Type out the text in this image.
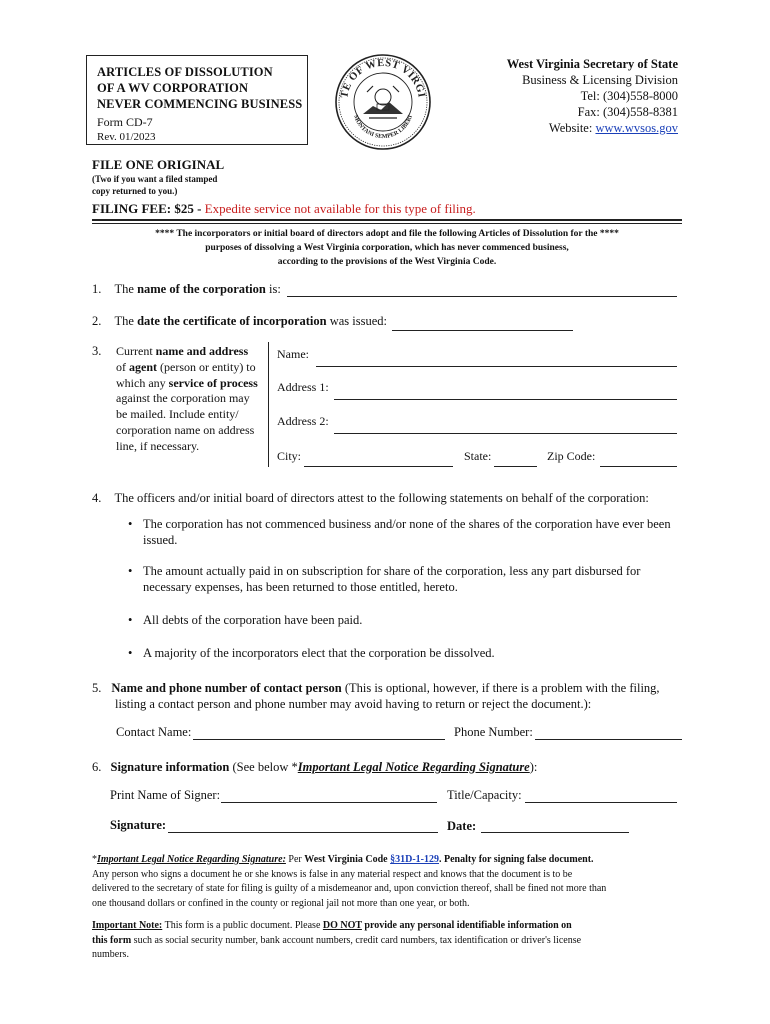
ARTICLES OF DISSOLUTION
OF A WV CORPORATION
NEVER COMMENCING BUSINESS
Form CD-7
Rev. 01/2023
TE OF WEST VIRGI
MONTANI SEMPER LIBERI
West Virginia Secretary of State
Business & Licensing Division
Tel: (304)558-8000
Fax: (304)558-8381
Website: www.wvsos.gov
FILE ONE ORIGINAL
(Two if you want a filed stamped
copy returned to you.)
FILING FEE: $25 - Expedite service not available for this type of filing.
**** The incorporators or initial board of directors adopt and file the following Articles of Dissolution for the ****
purposes of dissolving a West Virginia corporation, which has never commenced business,
according to the provisions of the West Virginia Code.
1. The name of the corporation is:
2. The date the certificate of incorporation was issued:
3. Current name and address
of agent (person or entity) to
which any service of process
against the corporation may
be mailed. Include entity/
corporation name on address
line, if necessary.
Name:
Address 1:
Address 2:
City:	State:	Zip Code:
4. The officers and/or initial board of directors attest to the following statements on behalf of the corporation:
The corporation has not commenced business and/or none of the shares of the corporation have ever been
issued.
The amount actually paid in on subscription for share of the corporation, less any part disbursed for
necessary expenses, has been returned to those entitled, hereto.
All debts of the corporation have been paid.
A majority of the incorporators elect that the corporation be dissolved.
5. Name and phone number of contact person (This is optional, however, if there is a problem with the filing,
listing a contact person and phone number may avoid having to return or reject the document.):
Contact Name:	Phone Number:
6. Signature information (See below *Important Legal Notice Regarding Signature):
Print Name of Signer:	Title/Capacity:
Signature:	Date:
*Important Legal Notice Regarding Signature: Per West Virginia Code §31D-1-129. Penalty for signing false document.
Any person who signs a document he or she knows is false in any material respect and knows that the document is to be
delivered to the secretary of state for filing is guilty of a misdemeanor and, upon conviction thereof, shall be fined not more than
one thousand dollars or confined in the county or regional jail not more than one year, or both.
Important Note: This form is a public document. Please DO NOT provide any personal identifiable information on
this form such as social security number, bank account numbers, credit card numbers, tax identification or driver's license
numbers.
